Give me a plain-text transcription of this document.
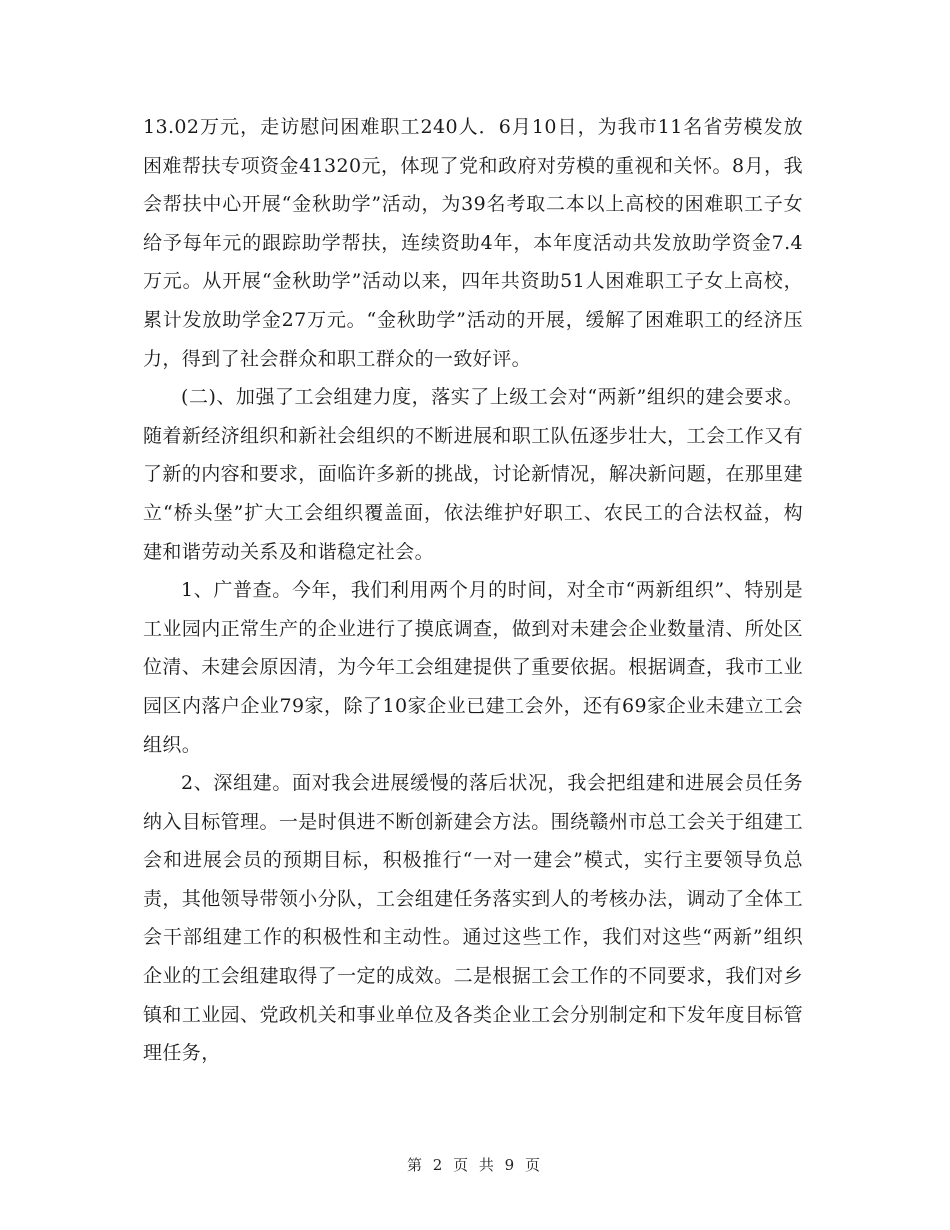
13.02万元，走访慰问困难职工240人．6月10日，为我市11名省劳模发放困难帮扶专项资金41320元，体现了党和政府对劳模的重视和关怀。8月，我会帮扶中心开展“金秋助学”活动，为39名考取二本以上高校的困难职工子女给予每年元的跟踪助学帮扶，连续资助4年，本年度活动共发放助学资金7.4万元。从开展“金秋助学”活动以来，四年共资助51人困难职工子女上高校，累计发放助学金27万元。“金秋助学”活动的开展，缓解了困难职工的经济压力，得到了社会群众和职工群众的一致好评。

(二)、加强了工会组建力度，落实了上级工会对“两新”组织的建会要求。随着新经济组织和新社会组织的不断进展和职工队伍逐步壮大，工会工作又有了新的内容和要求，面临许多新的挑战，讨论新情况，解决新问题，在那里建立“桥头堡”扩大工会组织覆盖面，依法维护好职工、农民工的合法权益，构建和谐劳动关系及和谐稳定社会。

1、广普查。今年，我们利用两个月的时间，对全市“两新组织”、特别是工业园内正常生产的企业进行了摸底调查，做到对未建会企业数量清、所处区位清、未建会原因清，为今年工会组建提供了重要依据。根据调查，我市工业园区内落户企业79家，除了10家企业已建工会外，还有69家企业未建立工会组织。

2、深组建。面对我会进展缓慢的落后状况，我会把组建和进展会员任务纳入目标管理。一是时俱进不断创新建会方法。围绕赣州市总工会关于组建工会和进展会员的预期目标，积极推行“一对一建会”模式，实行主要领导负总责，其他领导带领小分队，工会组建任务落实到人的考核办法，调动了全体工会干部组建工作的积极性和主动性。通过这些工作，我们对这些“两新”组织企业的工会组建取得了一定的成效。二是根据工会工作的不同要求，我们对乡镇和工业园、党政机关和事业单位及各类企业工会分别制定和下发年度目标管理任务，

第 2 页 共 9 页
